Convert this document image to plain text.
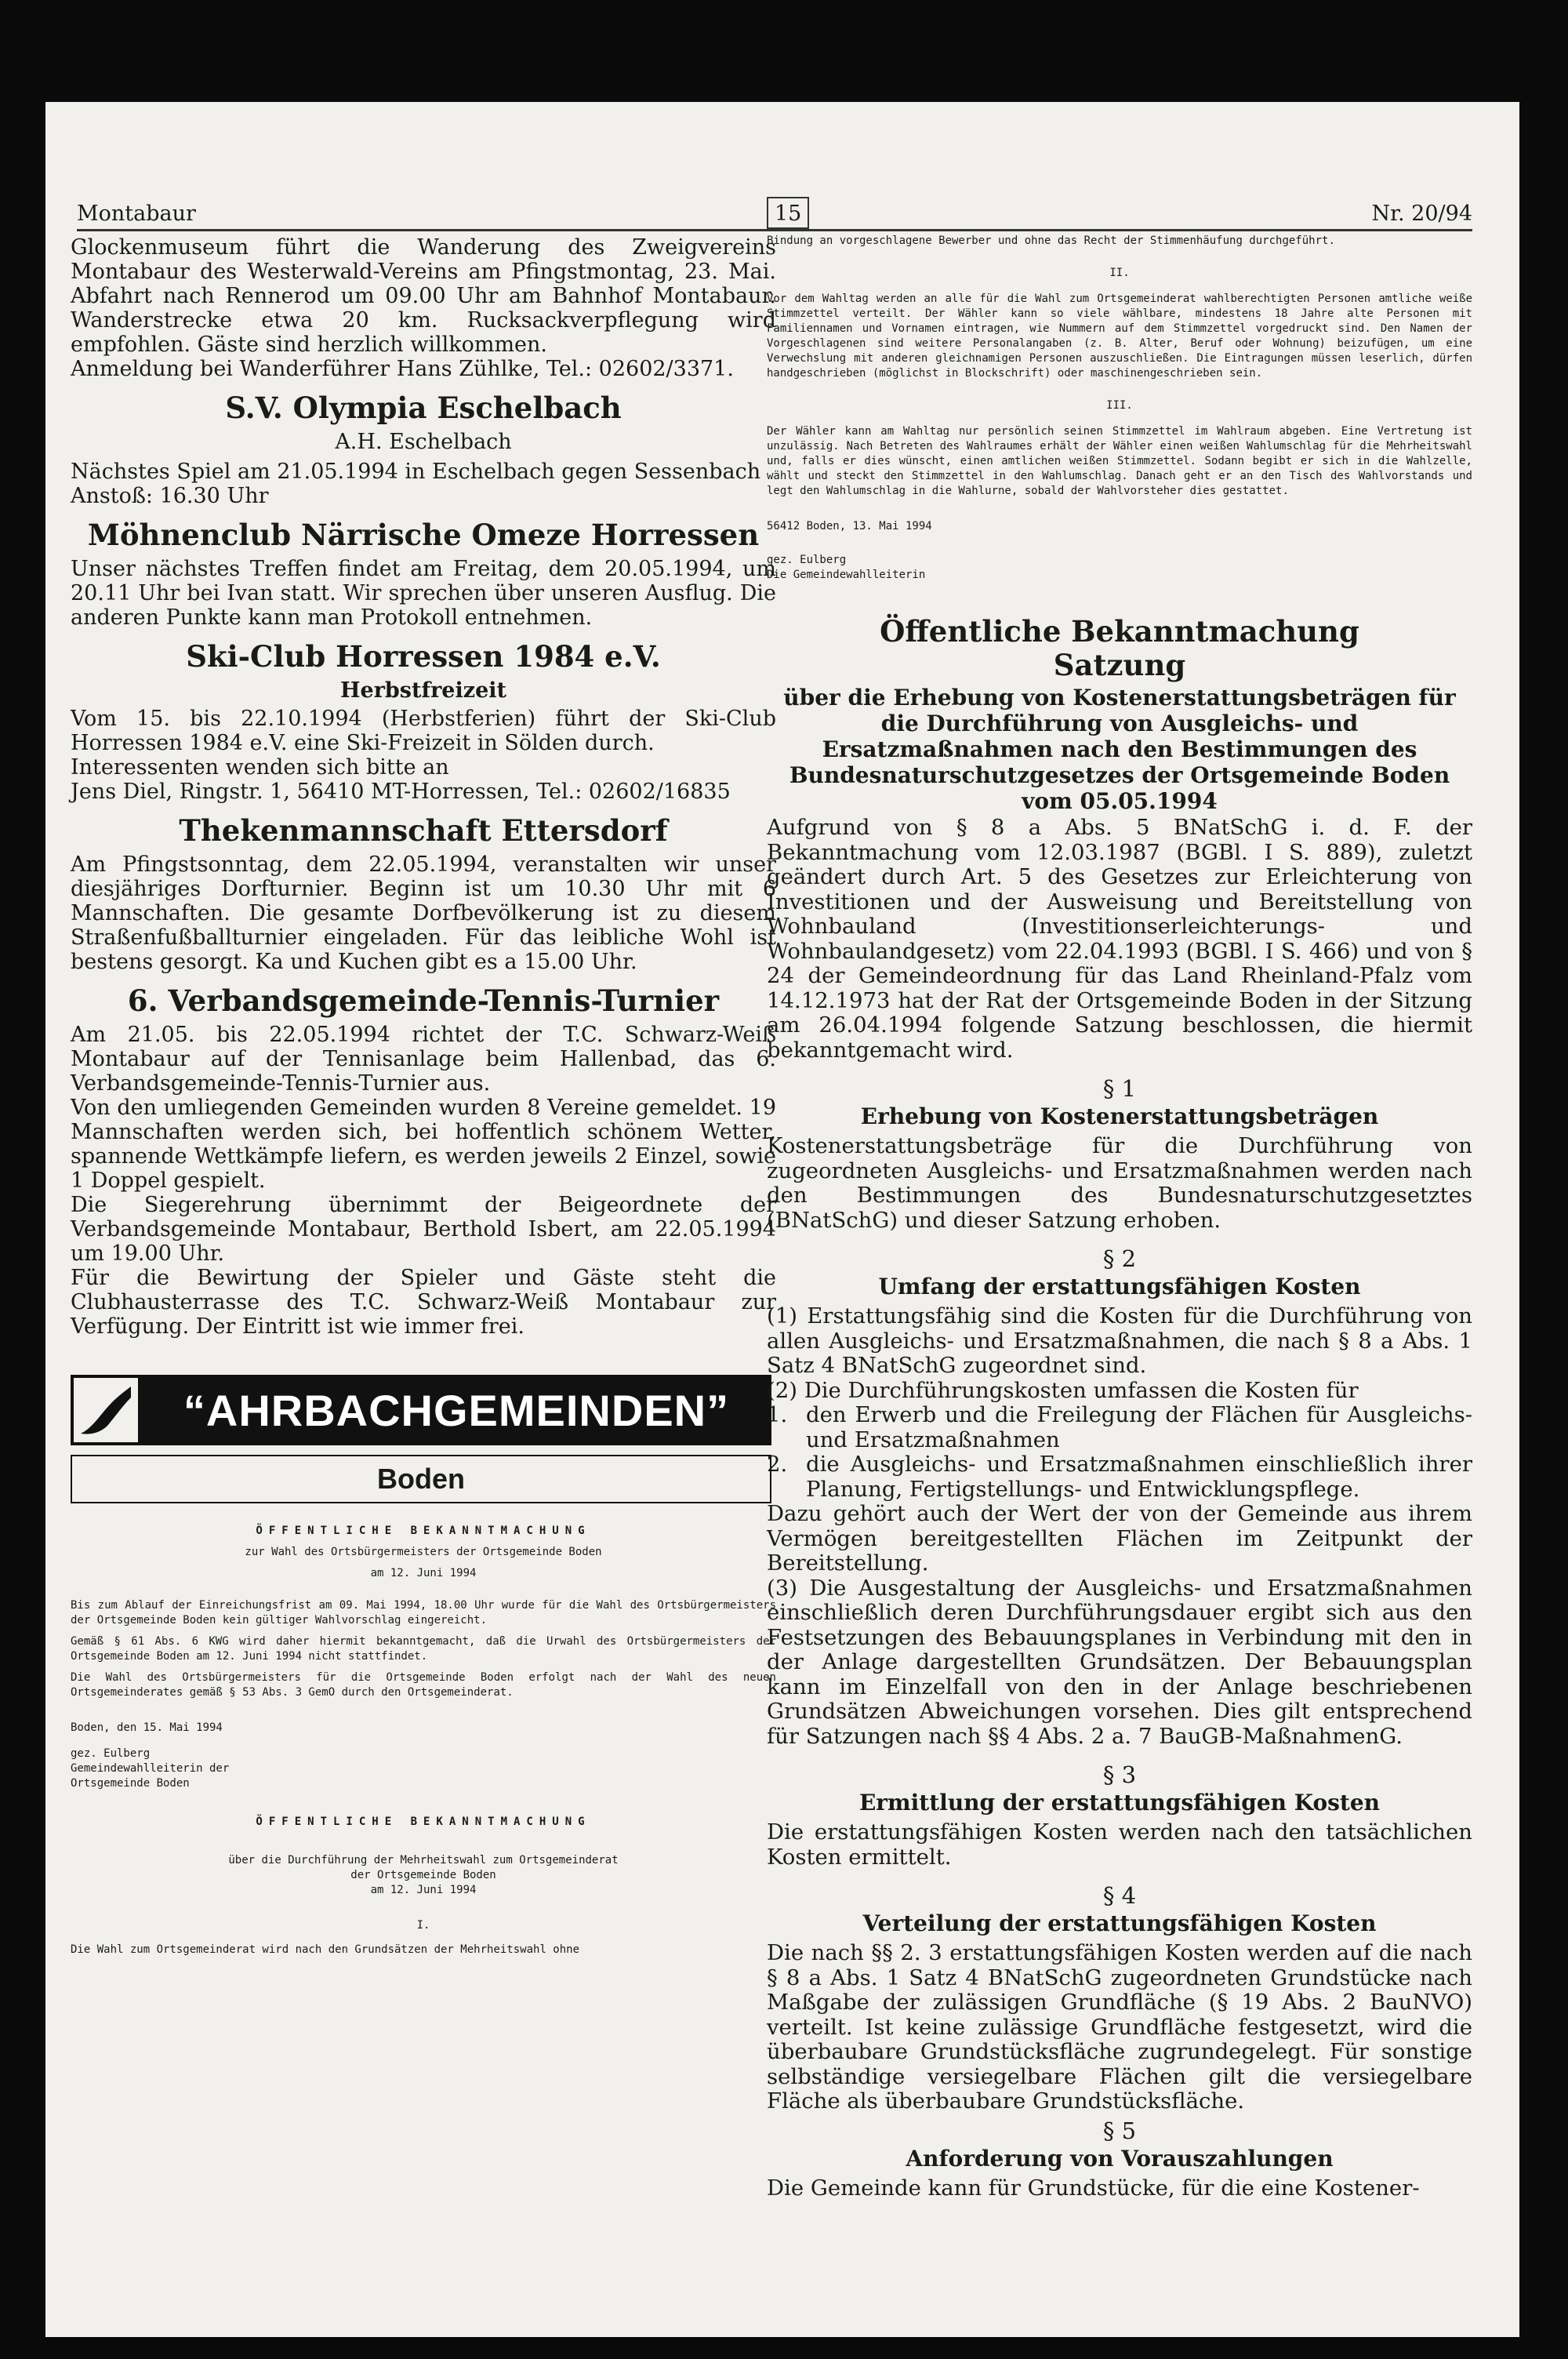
Montabaur	15	Nr. 20/94

Glockenmuseum führt die Wanderung des Zweigvereins Montabaur des Westerwald-Vereins am Pfingstmontag, 23. Mai. Abfahrt nach Rennerod um 09.00 Uhr am Bahnhof Montabaur. Wanderstrecke etwa 20 km. Rucksackverpflegung wird empfohlen. Gäste sind herzlich willkommen.

Anmeldung bei Wanderführer Hans Zühlke, Tel.: 02602/3371.

S.V. Olympia Eschelbach
A.H. Eschelbach

Nächstes Spiel am 21.05.1994 in Eschelbach gegen Sessenbach

Anstoß: 16.30 Uhr

Möhnenclub Närrische Omeze Horressen

Unser nächstes Treffen findet am Freitag, dem 20.05.1994, um 20.11 Uhr bei Ivan statt. Wir sprechen über unseren Ausflug. Die anderen Punkte kann man Protokoll entnehmen.

Ski-Club Horressen 1984 e.V.
Herbstfreizeit

Vom 15. bis 22.10.1994 (Herbstferien) führt der Ski-Club Horressen 1984 e.V. eine Ski-Freizeit in Sölden durch.

Interessenten wenden sich bitte an

Jens Diel, Ringstr. 1, 56410 MT-Horressen, Tel.: 02602/16835

Thekenmannschaft Ettersdorf

Am Pfingstsonntag, dem 22.05.1994, veranstalten wir unser diesjähriges Dorfturnier. Beginn ist um 10.30 Uhr mit 6 Mannschaften. Die gesamte Dorfbevölkerung ist zu diesem Straßenfußballturnier eingeladen. Für das leibliche Wohl ist bestens gesorgt. Ka und Kuchen gibt es a 15.00 Uhr.

6. Verbandsgemeinde-Tennis-Turnier

Am 21.05. bis 22.05.1994 richtet der T.C. Schwarz-Weiß Montabaur auf der Tennisanlage beim Hallenbad, das 6. Verbandsgemeinde-Tennis-Turnier aus.

Von den umliegenden Gemeinden wurden 8 Vereine gemeldet. 19 Mannschaften werden sich, bei hoffentlich schönem Wetter, spannende Wettkämpfe liefern, es werden jeweils 2 Einzel, sowie 1 Doppel gespielt.

Die Siegerehrung übernimmt der Beigeordnete der Verbandsgemeinde Montabaur, Berthold Isbert, am 22.05.1994 um 19.00 Uhr.

Für die Bewirtung der Spieler und Gäste steht die Clubhausterrasse des T.C. Schwarz-Weiß Montabaur zur Verfügung. Der Eintritt ist wie immer frei.

“AHRBACHGEMEINDEN”
Boden

ÖFFENTLICHE BEKANNTMACHUNG

zur Wahl des Ortsbürgermeisters der Ortsgemeinde Boden

am 12. Juni 1994

Bis zum Ablauf der Einreichungsfrist am 09. Mai 1994, 18.00 Uhr wurde für die Wahl des Ortsbürgermeisters der Ortsgemeinde Boden kein gültiger Wahlvorschlag eingereicht.

Gemäß § 61 Abs. 6 KWG wird daher hiermit bekanntgemacht, daß die Urwahl des Ortsbürgermeisters der Ortsgemeinde Boden am 12. Juni 1994 nicht stattfindet.

Die Wahl des Ortsbürgermeisters für die Ortsgemeinde Boden erfolgt nach der Wahl des neuen Ortsgemeinderates gemäß § 53 Abs. 3 GemO durch den Ortsgemeinderat.

Boden, den 15. Mai 1994

gez. Eulberg

Gemeindewahlleiterin der

Ortsgemeinde Boden

ÖFFENTLICHE BEKANNTMACHUNG

über die Durchführung der Mehrheitswahl zum Ortsgemeinderat

der Ortsgemeinde Boden

am 12. Juni 1994

I.

Die Wahl zum Ortsgemeinderat wird nach den Grundsätzen der Mehrheitswahl ohne

Bindung an vorgeschlagene Bewerber und ohne das Recht der Stimmenhäufung durchgeführt.

II.

Vor dem Wahltag werden an alle für die Wahl zum Ortsgemeinderat wahlberechtigten Personen amtliche weiße Stimmzettel verteilt. Der Wähler kann so viele wählbare, mindestens 18 Jahre alte Personen mit Familiennamen und Vornamen eintragen, wie Nummern auf dem Stimmzettel vorgedruckt sind. Den Namen der Vorgeschlagenen sind weitere Personalangaben (z. B. Alter, Beruf oder Wohnung) beizufügen, um eine Verwechslung mit anderen gleichnamigen Personen auszuschließen. Die Eintragungen müssen leserlich, dürfen handgeschrieben (möglichst in Blockschrift) oder maschinengeschrieben sein.

III.

Der Wähler kann am Wahltag nur persönlich seinen Stimmzettel im Wahlraum abgeben. Eine Vertretung ist unzulässig. Nach Betreten des Wahlraumes erhält der Wähler einen weißen Wahlumschlag für die Mehrheitswahl und, falls er dies wünscht, einen amtlichen weißen Stimmzettel. Sodann begibt er sich in die Wahlzelle, wählt und steckt den Stimmzettel in den Wahlumschlag. Danach geht er an den Tisch des Wahlvorstands und legt den Wahlumschlag in die Wahlurne, sobald der Wahlvorsteher dies gestattet.

56412 Boden, 13. Mai 1994

gez. Eulberg

Die Gemeindewahlleiterin

Öffentliche Bekanntmachung
Satzung
über die Erhebung von Kostenerstattungsbeträgen für die Durchführung von Ausgleichs- und Ersatzmaßnahmen nach den Bestimmungen des Bundesnaturschutzgesetzes der Ortsgemeinde Boden vom 05.05.1994

Aufgrund von § 8 a Abs. 5 BNatSchG i. d. F. der Bekanntmachung vom 12.03.1987 (BGBl. I S. 889), zuletzt geändert durch Art. 5 des Gesetzes zur Erleichterung von Investitionen und der Ausweisung und Bereitstellung von Wohnbauland (Investitionserleichterungs- und Wohnbaulandgesetz) vom 22.04.1993 (BGBl. I S. 466) und von § 24 der Gemeindeordnung für das Land Rheinland-Pfalz vom 14.12.1973 hat der Rat der Ortsgemeinde Boden in der Sitzung am 26.04.1994 folgende Satzung beschlossen, die hiermit bekanntgemacht wird.

§ 1
Erhebung von Kostenerstattungsbeträgen

Kostenerstattungsbeträge für die Durchführung von zugeordneten Ausgleichs- und Ersatzmaßnahmen werden nach den Bestimmungen des Bundesnaturschutzgesetztes (BNatSchG) und dieser Satzung erhoben.

§ 2
Umfang der erstattungsfähigen Kosten

(1) Erstattungsfähig sind die Kosten für die Durchführung von allen Ausgleichs- und Ersatzmaßnahmen, die nach § 8 a Abs. 1 Satz 4 BNatSchG zugeordnet sind.

(2) Die Durchführungskosten umfassen die Kosten für

1. den Erwerb und die Freilegung der Flächen für Ausgleichs- und Ersatzmaßnahmen
2. die Ausgleichs- und Ersatzmaßnahmen einschließlich ihrer Planung, Fertigstellungs- und Entwicklungspflege.

Dazu gehört auch der Wert der von der Gemeinde aus ihrem Vermögen bereitgestellten Flächen im Zeitpunkt der Bereitstellung.

(3) Die Ausgestaltung der Ausgleichs- und Ersatzmaßnahmen einschließlich deren Durchführungsdauer ergibt sich aus den Festsetzungen des Bebauungsplanes in Verbindung mit den in der Anlage dargestellten Grundsätzen. Der Bebauungsplan kann im Einzelfall von den in der Anlage beschriebenen Grundsätzen Abweichungen vorsehen. Dies gilt entsprechend für Satzungen nach §§ 4 Abs. 2 a. 7 BauGB-MaßnahmenG.

§ 3
Ermittlung der erstattungsfähigen Kosten

Die erstattungsfähigen Kosten werden nach den tatsächlichen Kosten ermittelt.

§ 4
Verteilung der erstattungsfähigen Kosten

Die nach §§ 2. 3 erstattungsfähigen Kosten werden auf die nach § 8 a Abs. 1 Satz 4 BNatSchG zugeordneten Grundstücke nach Maßgabe der zulässigen Grundfläche (§ 19 Abs. 2 BauNVO) verteilt. Ist keine zulässige Grundfläche festgesetzt, wird die überbaubare Grundstücksfläche zugrundegelegt. Für sonstige selbständige versiegelbare Flächen gilt die versiegelbare Fläche als überbaubare Grundstücksfläche.

§ 5
Anforderung von Vorauszahlungen

Die Gemeinde kann für Grundstücke, für die eine Kostener-
